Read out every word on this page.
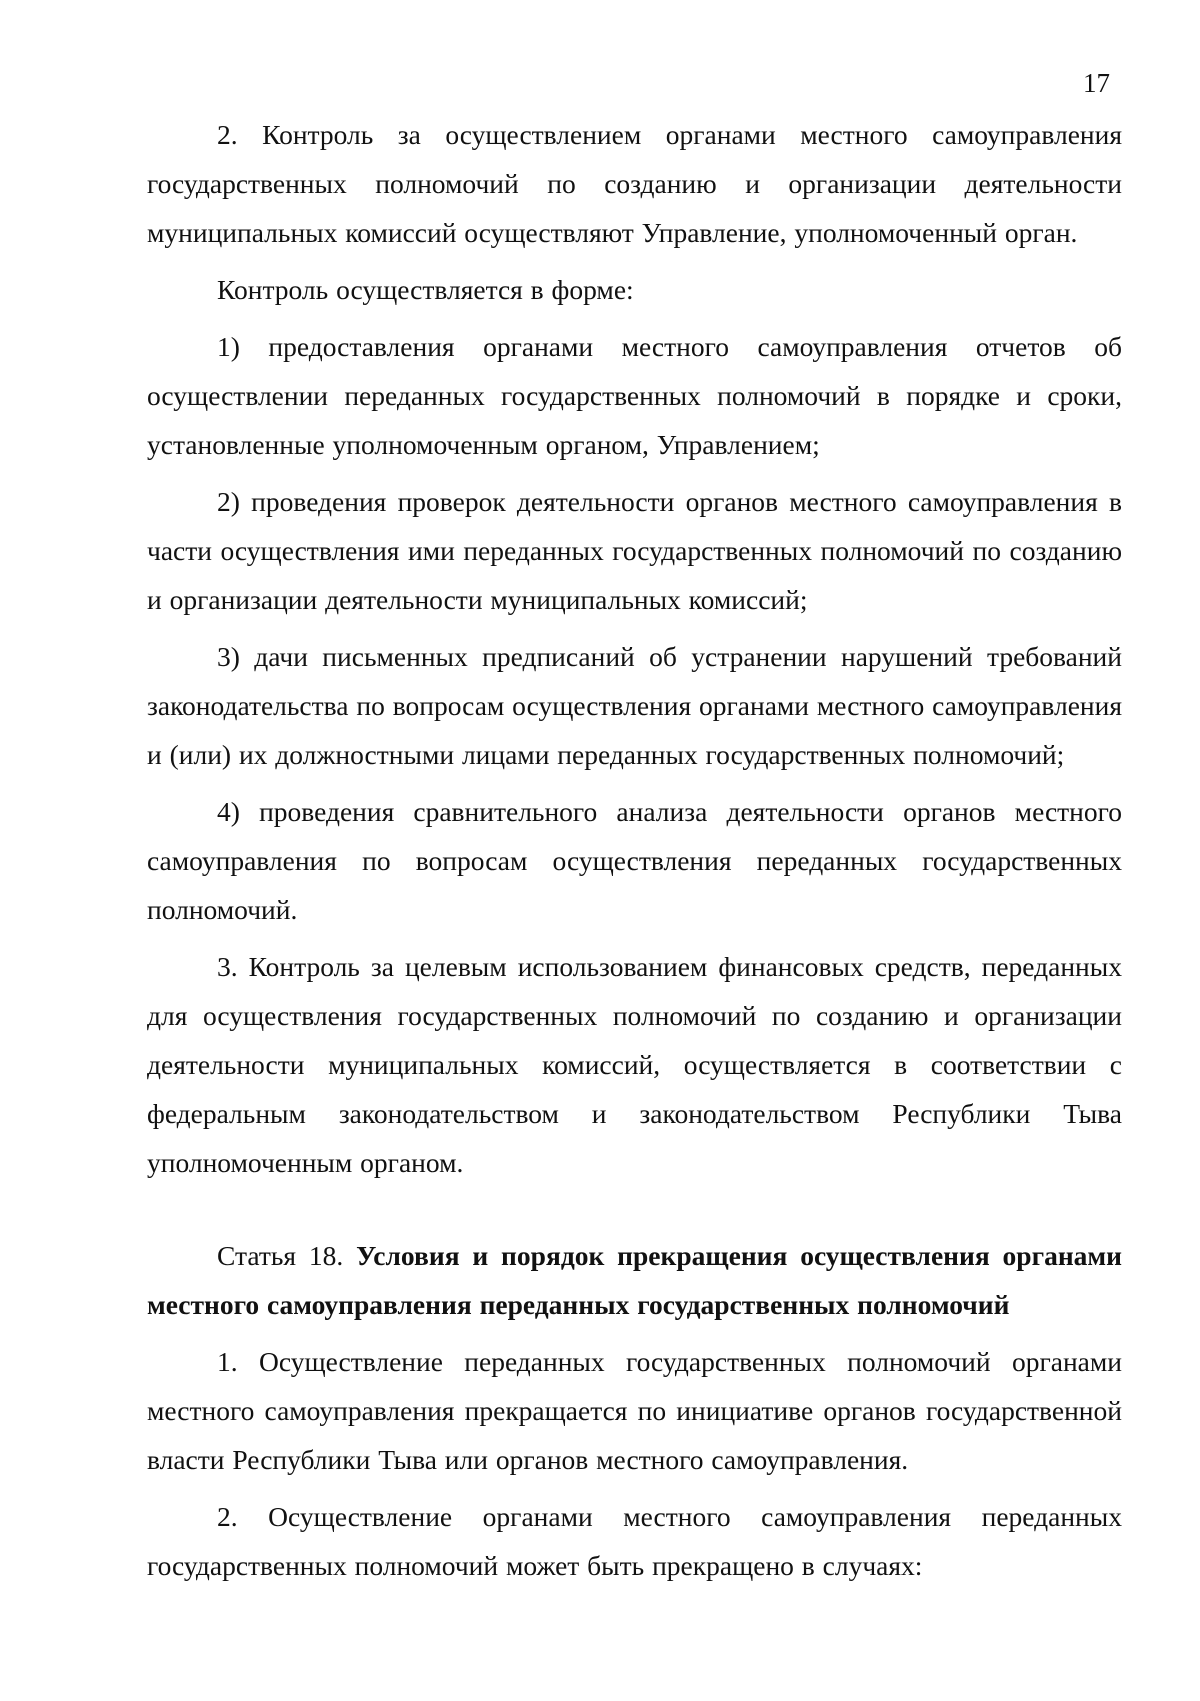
17

2. Контроль за осуществлением органами местного самоуправления государственных полномочий по созданию и организации деятельности муниципальных комиссий осуществляют Управление, уполномоченный орган.

Контроль осуществляется в форме:

1) предоставления органами местного самоуправления отчетов об осуществлении переданных государственных полномочий в порядке и сроки, установленные уполномоченным органом, Управлением;

2) проведения проверок деятельности органов местного самоуправления в части осуществления ими переданных государственных полномочий по созданию и организации деятельности муниципальных комиссий;

3) дачи письменных предписаний об устранении нарушений требований законодательства по вопросам осуществления органами местного самоуправления и (или) их должностными лицами переданных государственных полномочий;

4) проведения сравнительного анализа деятельности органов местного самоуправления по вопросам осуществления переданных государственных полномочий.

3. Контроль за целевым использованием финансовых средств, переданных для осуществления государственных полномочий по созданию и организации деятельности муниципальных комиссий, осуществляется в соответствии с федеральным законодательством и законодательством Республики Тыва уполномоченным органом.

Статья 18. Условия и порядок прекращения осуществления органами местного самоуправления переданных государственных полномочий

1. Осуществление переданных государственных полномочий органами местного самоуправления прекращается по инициативе органов государственной власти Республики Тыва или органов местного самоуправления.

2. Осуществление органами местного самоуправления переданных государственных полномочий может быть прекращено в случаях:
